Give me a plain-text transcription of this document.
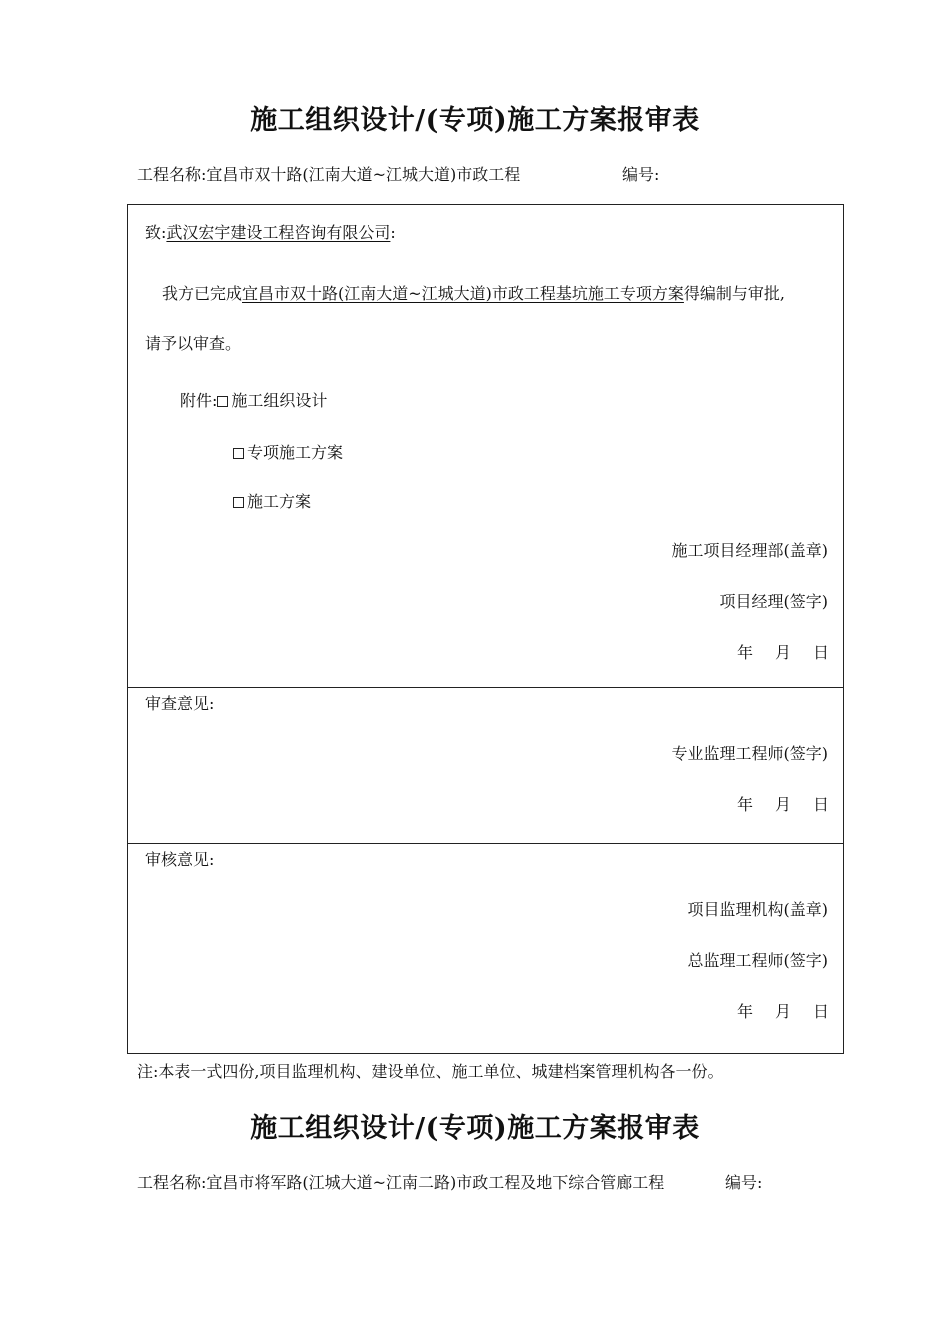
施工组织设计/(专项)施工方案报审表
工程名称:宜昌市双十路(江南大道~江城大道)市政工程	编号:
致:武汉宏宇建设工程咨询有限公司:
我方已完成宜昌市双十路(江南大道~江城大道)市政工程基坑施工专项方案得编制与审批,
请予以审查。
附件: 施工组织设计
专项施工方案
施工方案
施工项目经理部(盖章)
项目经理(签字)
年 月 日
审查意见:
专业监理工程师(签字)
年 月 日
审核意见:
项目监理机构(盖章)
总监理工程师(签字)
年 月 日
注:本表一式四份,项目监理机构、建设单位、施工单位、城建档案管理机构各一份。
施工组织设计/(专项)施工方案报审表
工程名称:宜昌市将军路(江城大道~江南二路)市政工程及地下综合管廊工程	编号:
